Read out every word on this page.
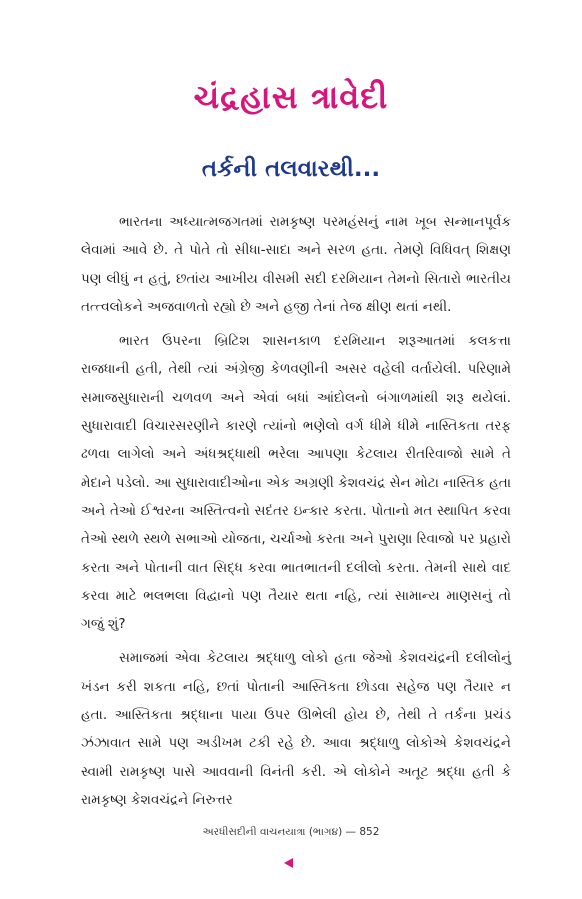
ચંદ્રહાસ ત્રાવેદી
તર્કની તલવારથી...

ભારતના અધ્યાત્મજગતમાં રામકૃષ્ણ પરમહંસનું નામ ખૂબ સન્માનપૂર્વક લેવામાં આવે છે. તે પોતે તો સીધા-સાદા અને સરળ હતા. તેમણે વિધિવત્ શિક્ષણ પણ લીધું ન હતું, છતાંય આખીય વીસમી સદી દરમિયાન તેમનો સિતારો ભારતીય તત્ત્વલોકને અજવાળતો રહ્યો છે અને હજી તેનાં તેજ ક્ષીણ થતાં નથી.

ભારત ઉપરના બ્રિટિશ શાસનકાળ દરમિયાન શરૂઆતમાં કલકત્તા રાજધાની હતી, તેથી ત્યાં અંગ્રેજી કેળવણીની અસર વહેલી વર્તાયેલી. પરિણામે સમાજસુધારાની ચળવળ અને એવાં બધાં આંદોલનો બંગાળમાંથી શરૂ થયેલાં. સુધારાવાદી વિચારસરણીને કારણે ત્યાંનો ભણેલો વર્ગ ધીમે ધીમે નાસ્તિકતા તરફ ઢળવા લાગેલો અને અંધશ્રદ્ધાથી ભરેલા આપણા કેટલાય રીતરિવાજો સામે તે મેદાને પડેલો. આ સુધારાવાદીઓના એક અગ્રણી કેશવચંદ્ર સેન મોટા નાસ્તિક હતા અને તેઓ ઈશ્વરના અસ્તિત્વનો સદંતર ઇન્કાર કરતા. પોતાનો મત સ્થાપિત કરવા તેઓ સ્થળે સ્થળે સભાઓ યોજતા, ચર્ચાઓ કરતા અને પુરાણા રિવાજો પર પ્રહારો કરતા અને પોતાની વાત સિદ્ધ કરવા ભાતભાતની દલીલો કરતા. તેમની સાથે વાદ કરવા માટે ભલભલા વિદ્વાનો પણ તૈયાર થતા નહિ, ત્યાં સામાન્ય માણસનું તો ગજું શું?

સમાજમાં એવા કેટલાય શ્રદ્ધાળુ લોકો હતા જેઓ કેશવચંદ્રની દલીલોનું ખંડન કરી શકતા નહિ, છતાં પોતાની આસ્તિકતા છોડવા સહેજ પણ તૈયાર ન હતા. આસ્તિકતા શ્રદ્ધાના પાયા ઉપર ઊભેલી હોય છે, તેથી તે તર્કના પ્રચંડ ઝંઝાવાત સામે પણ અડીખમ ટકી રહે છે. આવા શ્રદ્ધાળુ લોકોએ કેશવચંદ્રને સ્વામી રામકૃષ્ણ પાસે આવવાની વિનંતી કરી. એ લોકોને અતૂટ શ્રદ્ધા હતી કે રામકૃષ્ણ કેશવચંદ્રને નિરુત્તર

અરધીસદીની વાચનયાત્રા (ભાગ૪) — 852
